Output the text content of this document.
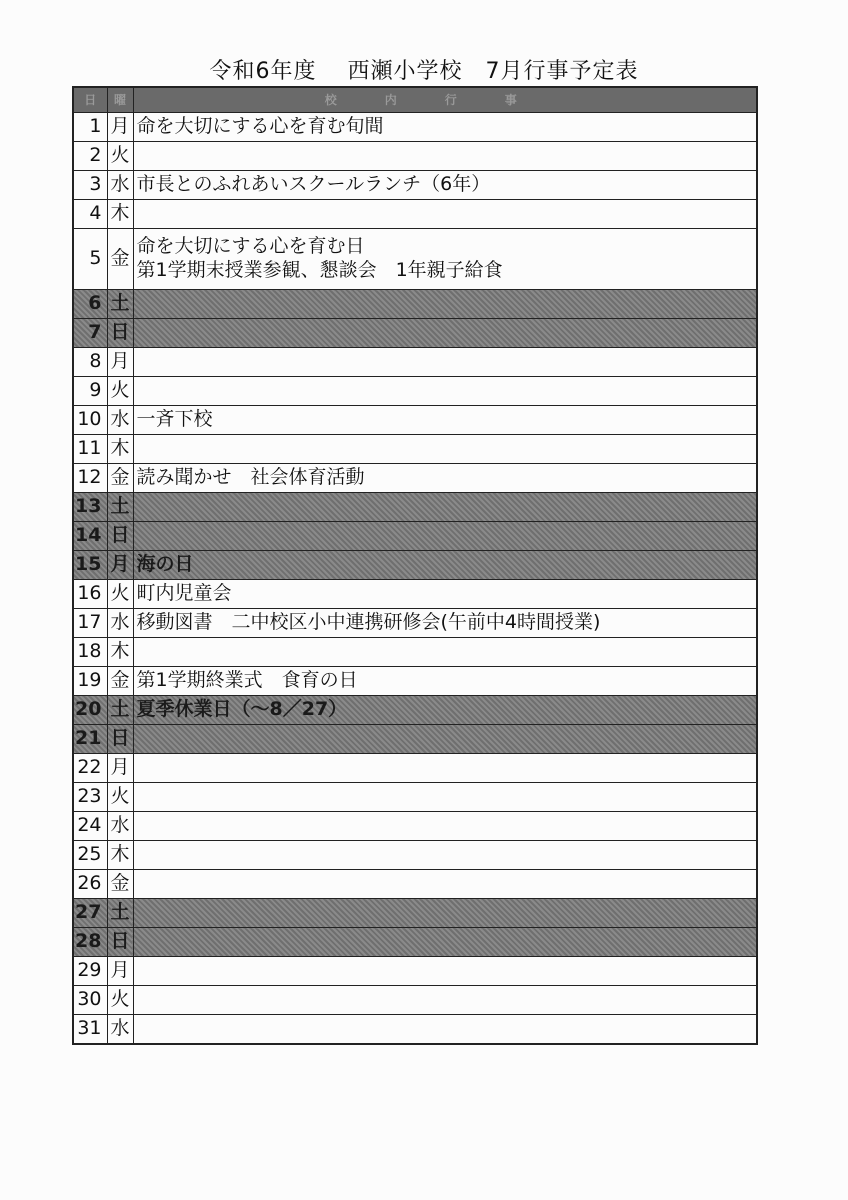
令和6年度　 西瀬小学校　7月行事予定表
日	曜	校内行事
1	月	命を大切にする心を育む旬間

2	火	

3	水	市長とのふれあいスクールランチ（6年）

4	木	

5	金	命を大切にする心を育む日
第1学期末授業参観、懇談会　1年親子給食

6	土	

7	日	

8	月	

9	火	

10	水	一斉下校

11	木	

12	金	読み聞かせ　社会体育活動

13	土	

14	日	

15	月	海の日

16	火	町内児童会

17	水	移動図書　二中校区小中連携研修会(午前中4時間授業)

18	木	

19	金	第1学期終業式　食育の日

20	土	夏季休業日（～8／27）

21	日	

22	月	

23	火	

24	水	

25	木	

26	金	

27	土	

28	日	

29	月	

30	火	

31	水	
